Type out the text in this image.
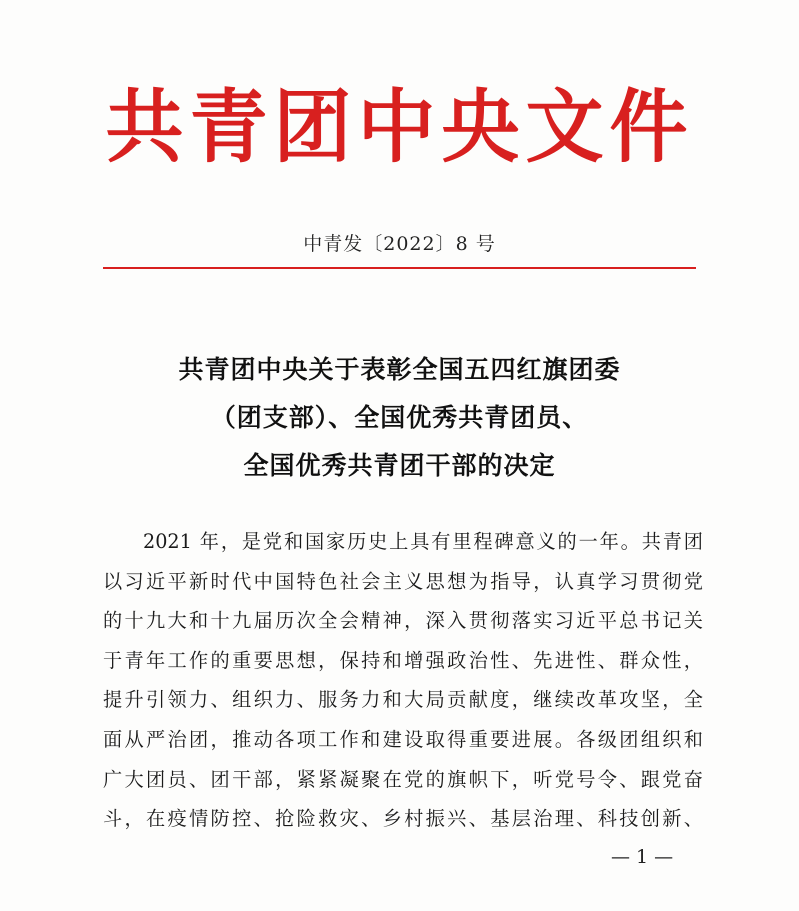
共青团中央文件
中青发〔2022〕8 号
共青团中央关于表彰全国五四红旗团委
（团支部）、全国优秀共青团员、
全国优秀共青团干部的决定
2021 年，是党和国家历史上具有里程碑意义的一年。共青团
以习近平新时代中国特色社会主义思想为指导，认真学习贯彻党
的十九大和十九届历次全会精神，深入贯彻落实习近平总书记关
于青年工作的重要思想，保持和增强政治性、先进性、群众性，
提升引领力、组织力、服务力和大局贡献度，继续改革攻坚，全
面从严治团，推动各项工作和建设取得重要进展。各级团组织和
广大团员、团干部，紧紧凝聚在党的旗帜下，听党号令、跟党奋
斗，在疫情防控、抢险救灾、乡村振兴、基层治理、科技创新、
— 1 —
